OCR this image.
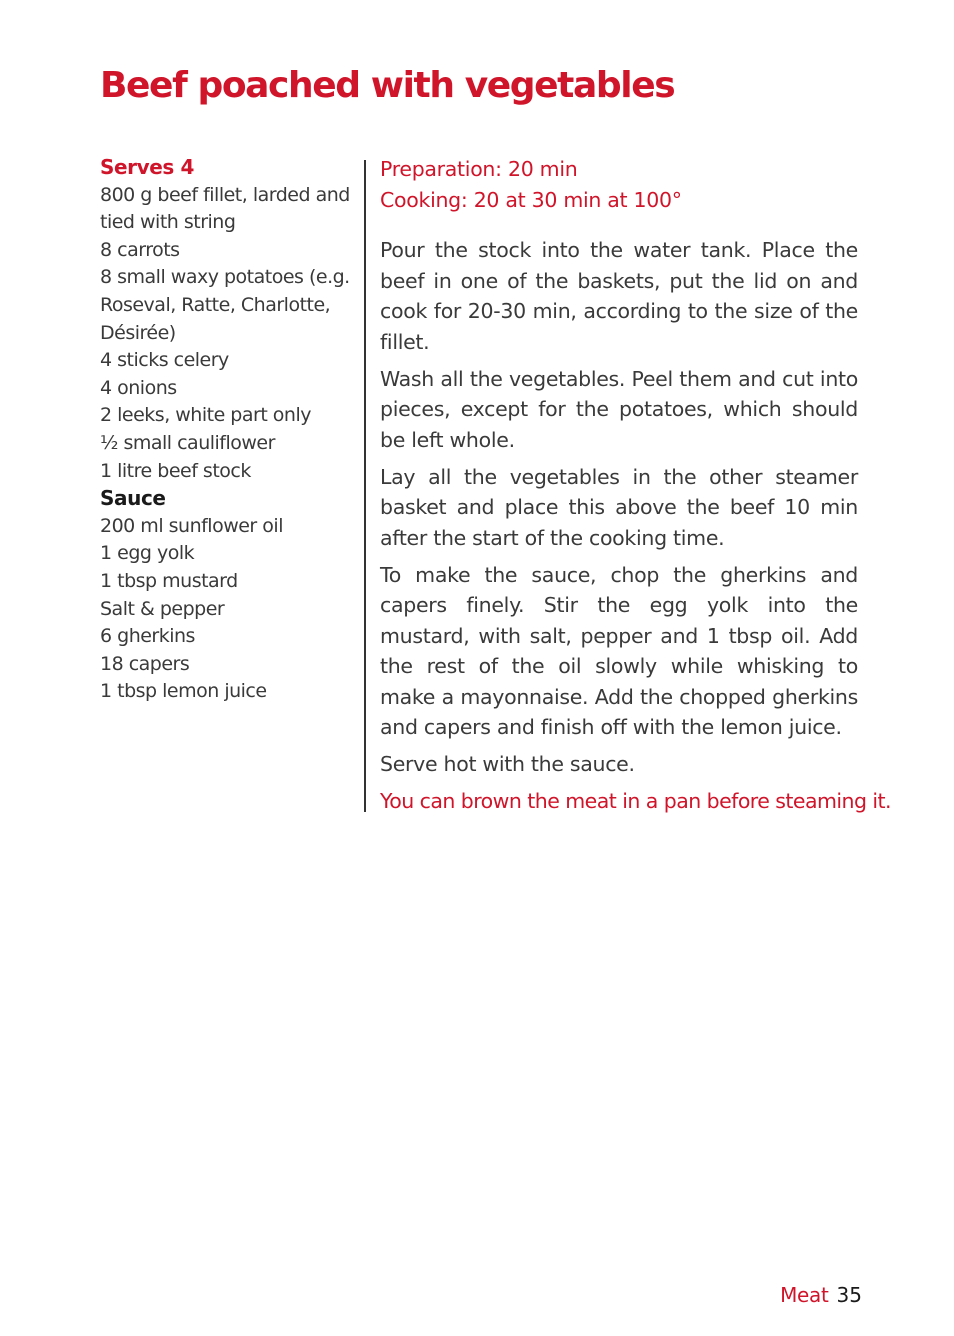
Beef poached with vegetables
Serves 4
800 g beef fillet, larded and
tied with string
8 carrots
8 small waxy potatoes (e.g.
Roseval, Ratte, Charlotte,
Désirée)
4 sticks celery
4 onions
2 leeks, white part only
½ small cauliflower
1 litre beef stock
Sauce
200 ml sunflower oil
1 egg yolk
1 tbsp mustard
Salt & pepper
6 gherkins
18 capers
1 tbsp lemon juice
Preparation: 20 min
Cooking: 20 at 30 min at 100°

Pour the stock into the water tank. Place the beef in one of the baskets, put the lid on and cook for 20-30 min, according to the size of the fillet.

Wash all the vegetables. Peel them and cut into pieces, except for the potatoes, which should be left whole.

Lay all the vegetables in the other steamer basket and place this above the beef 10 min after the start of the cooking time.

To make the sauce, chop the gherkins and capers finely. Stir the egg yolk into the mustard, with salt, pepper and 1 tbsp oil. Add the rest of the oil slowly while whisking to make a mayonnaise. Add the chopped gherkins and capers and finish off with the lemon juice.

Serve hot with the sauce.

You can brown the meat in a pan before steaming it.

Meat 35
